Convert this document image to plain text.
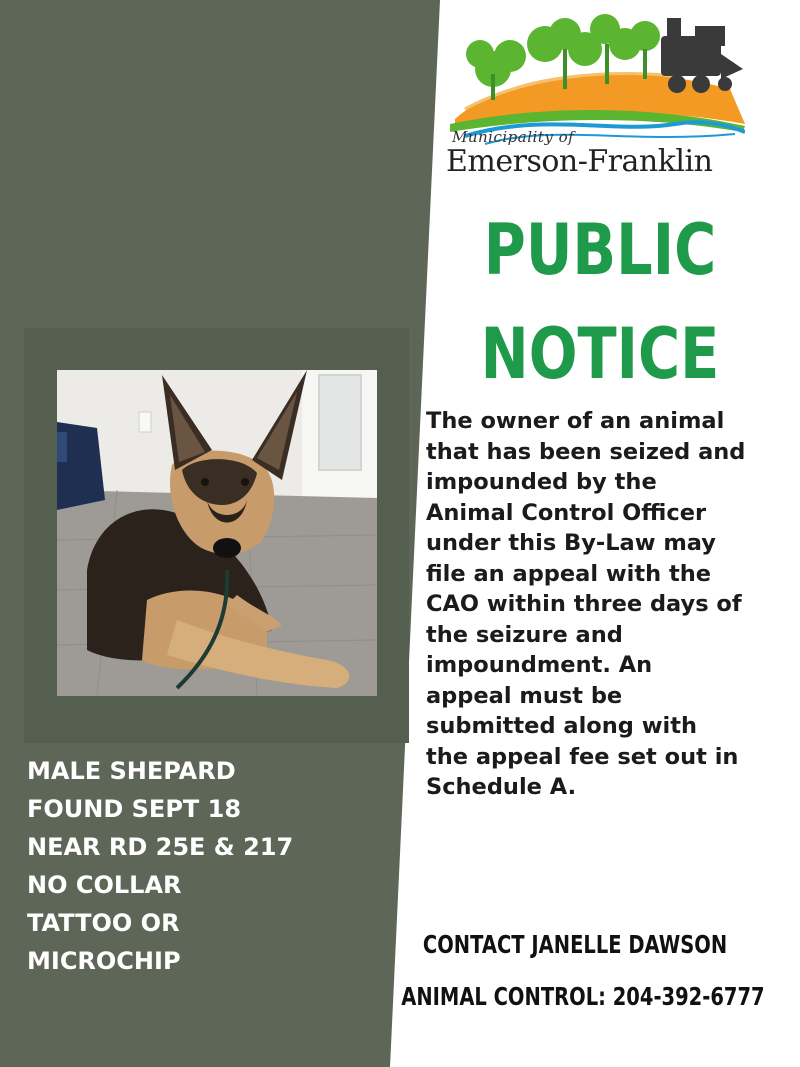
Municipality of
Emerson-Franklin
PUBLIC
NOTICE
The owner of an animal
that has been seized and
impounded by the
Animal Control Officer
under this By-Law may
file an appeal with the
CAO within three days of
the seizure and
impoundment. An
appeal must be
submitted along with
the appeal fee set out in
Schedule A.
MALE SHEPARD
FOUND SEPT 18
NEAR RD 25E & 217
NO COLLAR
TATTOO OR
MICROCHIP
CONTACT JANELLE DAWSON
ANIMAL CONTROL: 204-392-6777
